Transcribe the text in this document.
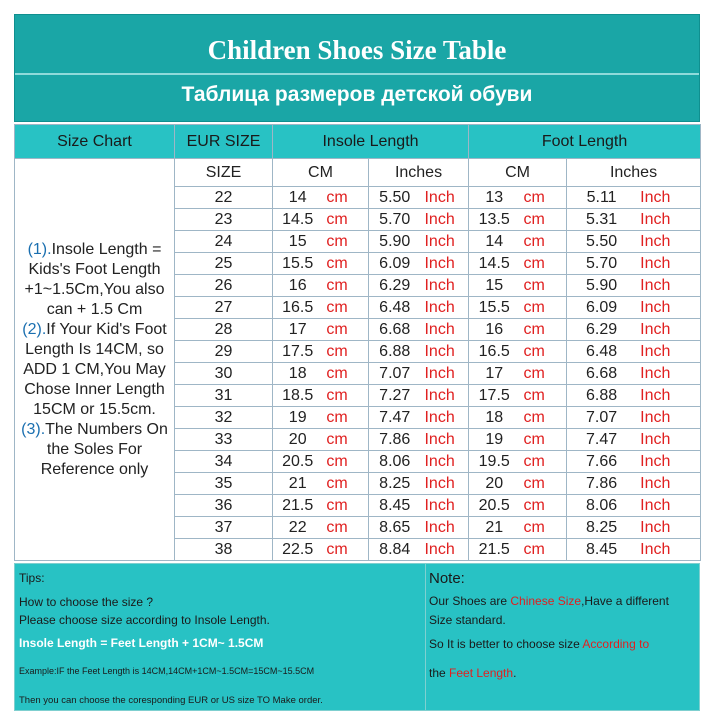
Children Shoes Size Table
Таблица размеров детской обуви
Size Chart	EUR SIZE	Insole Length		Foot Length	
(1).Insole Length = Kids's Foot Length +1~1.5Cm,You also can + 1.5 Cm
(2).If Your Kid's Foot Length Is 14CM, so ADD 1 CM,You May Chose Inner Length 15CM or 15.5cm.
(3).The Numbers On the Soles For Reference only	SIZE	CM	Inches	CM	Inches
	22	14 cm	5.50 Inch	13 cm	5.11 Inch

	23	14.5 cm	5.70 Inch	13.5 cm	5.31 Inch

	24	15 cm	5.90 Inch	14 cm	5.50 Inch

	25	15.5 cm	6.09 Inch	14.5 cm	5.70 Inch

	26	16 cm	6.29 Inch	15 cm	5.90 Inch

	27	16.5 cm	6.48 Inch	15.5 cm	6.09 Inch

	28	17 cm	6.68 Inch	16 cm	6.29 Inch

	29	17.5 cm	6.88 Inch	16.5 cm	6.48 Inch

	30	18 cm	7.07 Inch	17 cm	6.68 Inch

	31	18.5 cm	7.27 Inch	17.5 cm	6.88 Inch

	32	19 cm	7.47 Inch	18 cm	7.07 Inch

	33	20 cm	7.86 Inch	19 cm	7.47 Inch

	34	20.5 cm	8.06 Inch	19.5 cm	7.66 Inch

	35	21 cm	8.25 Inch	20 cm	7.86 Inch

	36	21.5 cm	8.45 Inch	20.5 cm	8.06 Inch

	37	22 cm	8.65 Inch	21 cm	8.25 Inch

	38	22.5 cm	8.84 Inch	21.5 cm	8.45 Inch
Tips:
How to choose the size ?
Please choose size according to Insole Length.
Insole Length = Feet Length + 1CM~ 1.5CM
Example:IF the Feet Length is 14CM,14CM+1CM~1.5CM=15CM~15.5CM
Then you can choose the coresponding EUR or US size TO Make order.
Note:
Our Shoes are Chinese Size,Have a different
Size standard.
So It is better to choose size According to
the Feet Length.
